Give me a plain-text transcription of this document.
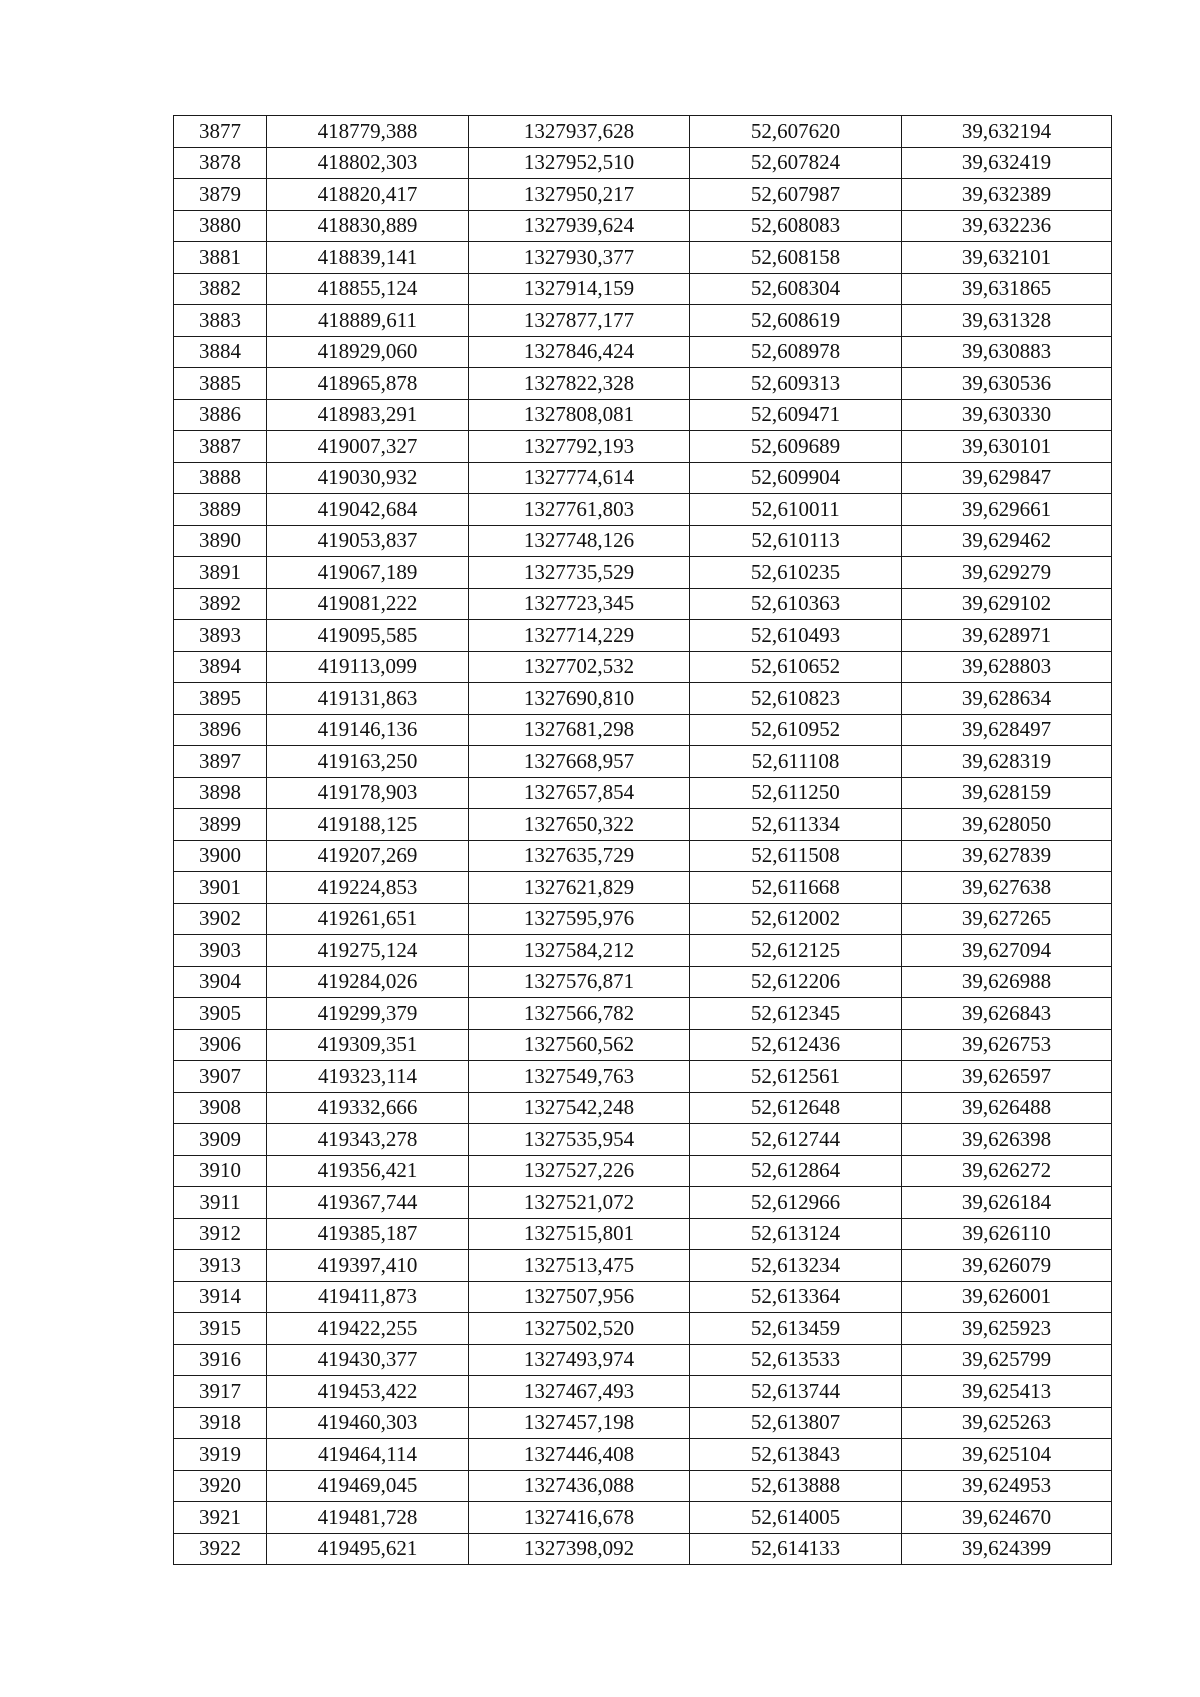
3877	418779,388	1327937,628	52,607620	39,632194
3878	418802,303	1327952,510	52,607824	39,632419
3879	418820,417	1327950,217	52,607987	39,632389
3880	418830,889	1327939,624	52,608083	39,632236
3881	418839,141	1327930,377	52,608158	39,632101
3882	418855,124	1327914,159	52,608304	39,631865
3883	418889,611	1327877,177	52,608619	39,631328
3884	418929,060	1327846,424	52,608978	39,630883
3885	418965,878	1327822,328	52,609313	39,630536
3886	418983,291	1327808,081	52,609471	39,630330
3887	419007,327	1327792,193	52,609689	39,630101
3888	419030,932	1327774,614	52,609904	39,629847
3889	419042,684	1327761,803	52,610011	39,629661
3890	419053,837	1327748,126	52,610113	39,629462
3891	419067,189	1327735,529	52,610235	39,629279
3892	419081,222	1327723,345	52,610363	39,629102
3893	419095,585	1327714,229	52,610493	39,628971
3894	419113,099	1327702,532	52,610652	39,628803
3895	419131,863	1327690,810	52,610823	39,628634
3896	419146,136	1327681,298	52,610952	39,628497
3897	419163,250	1327668,957	52,611108	39,628319
3898	419178,903	1327657,854	52,611250	39,628159
3899	419188,125	1327650,322	52,611334	39,628050
3900	419207,269	1327635,729	52,611508	39,627839
3901	419224,853	1327621,829	52,611668	39,627638
3902	419261,651	1327595,976	52,612002	39,627265
3903	419275,124	1327584,212	52,612125	39,627094
3904	419284,026	1327576,871	52,612206	39,626988
3905	419299,379	1327566,782	52,612345	39,626843
3906	419309,351	1327560,562	52,612436	39,626753
3907	419323,114	1327549,763	52,612561	39,626597
3908	419332,666	1327542,248	52,612648	39,626488
3909	419343,278	1327535,954	52,612744	39,626398
3910	419356,421	1327527,226	52,612864	39,626272
3911	419367,744	1327521,072	52,612966	39,626184
3912	419385,187	1327515,801	52,613124	39,626110
3913	419397,410	1327513,475	52,613234	39,626079
3914	419411,873	1327507,956	52,613364	39,626001
3915	419422,255	1327502,520	52,613459	39,625923
3916	419430,377	1327493,974	52,613533	39,625799
3917	419453,422	1327467,493	52,613744	39,625413
3918	419460,303	1327457,198	52,613807	39,625263
3919	419464,114	1327446,408	52,613843	39,625104
3920	419469,045	1327436,088	52,613888	39,624953
3921	419481,728	1327416,678	52,614005	39,624670
3922	419495,621	1327398,092	52,614133	39,624399
